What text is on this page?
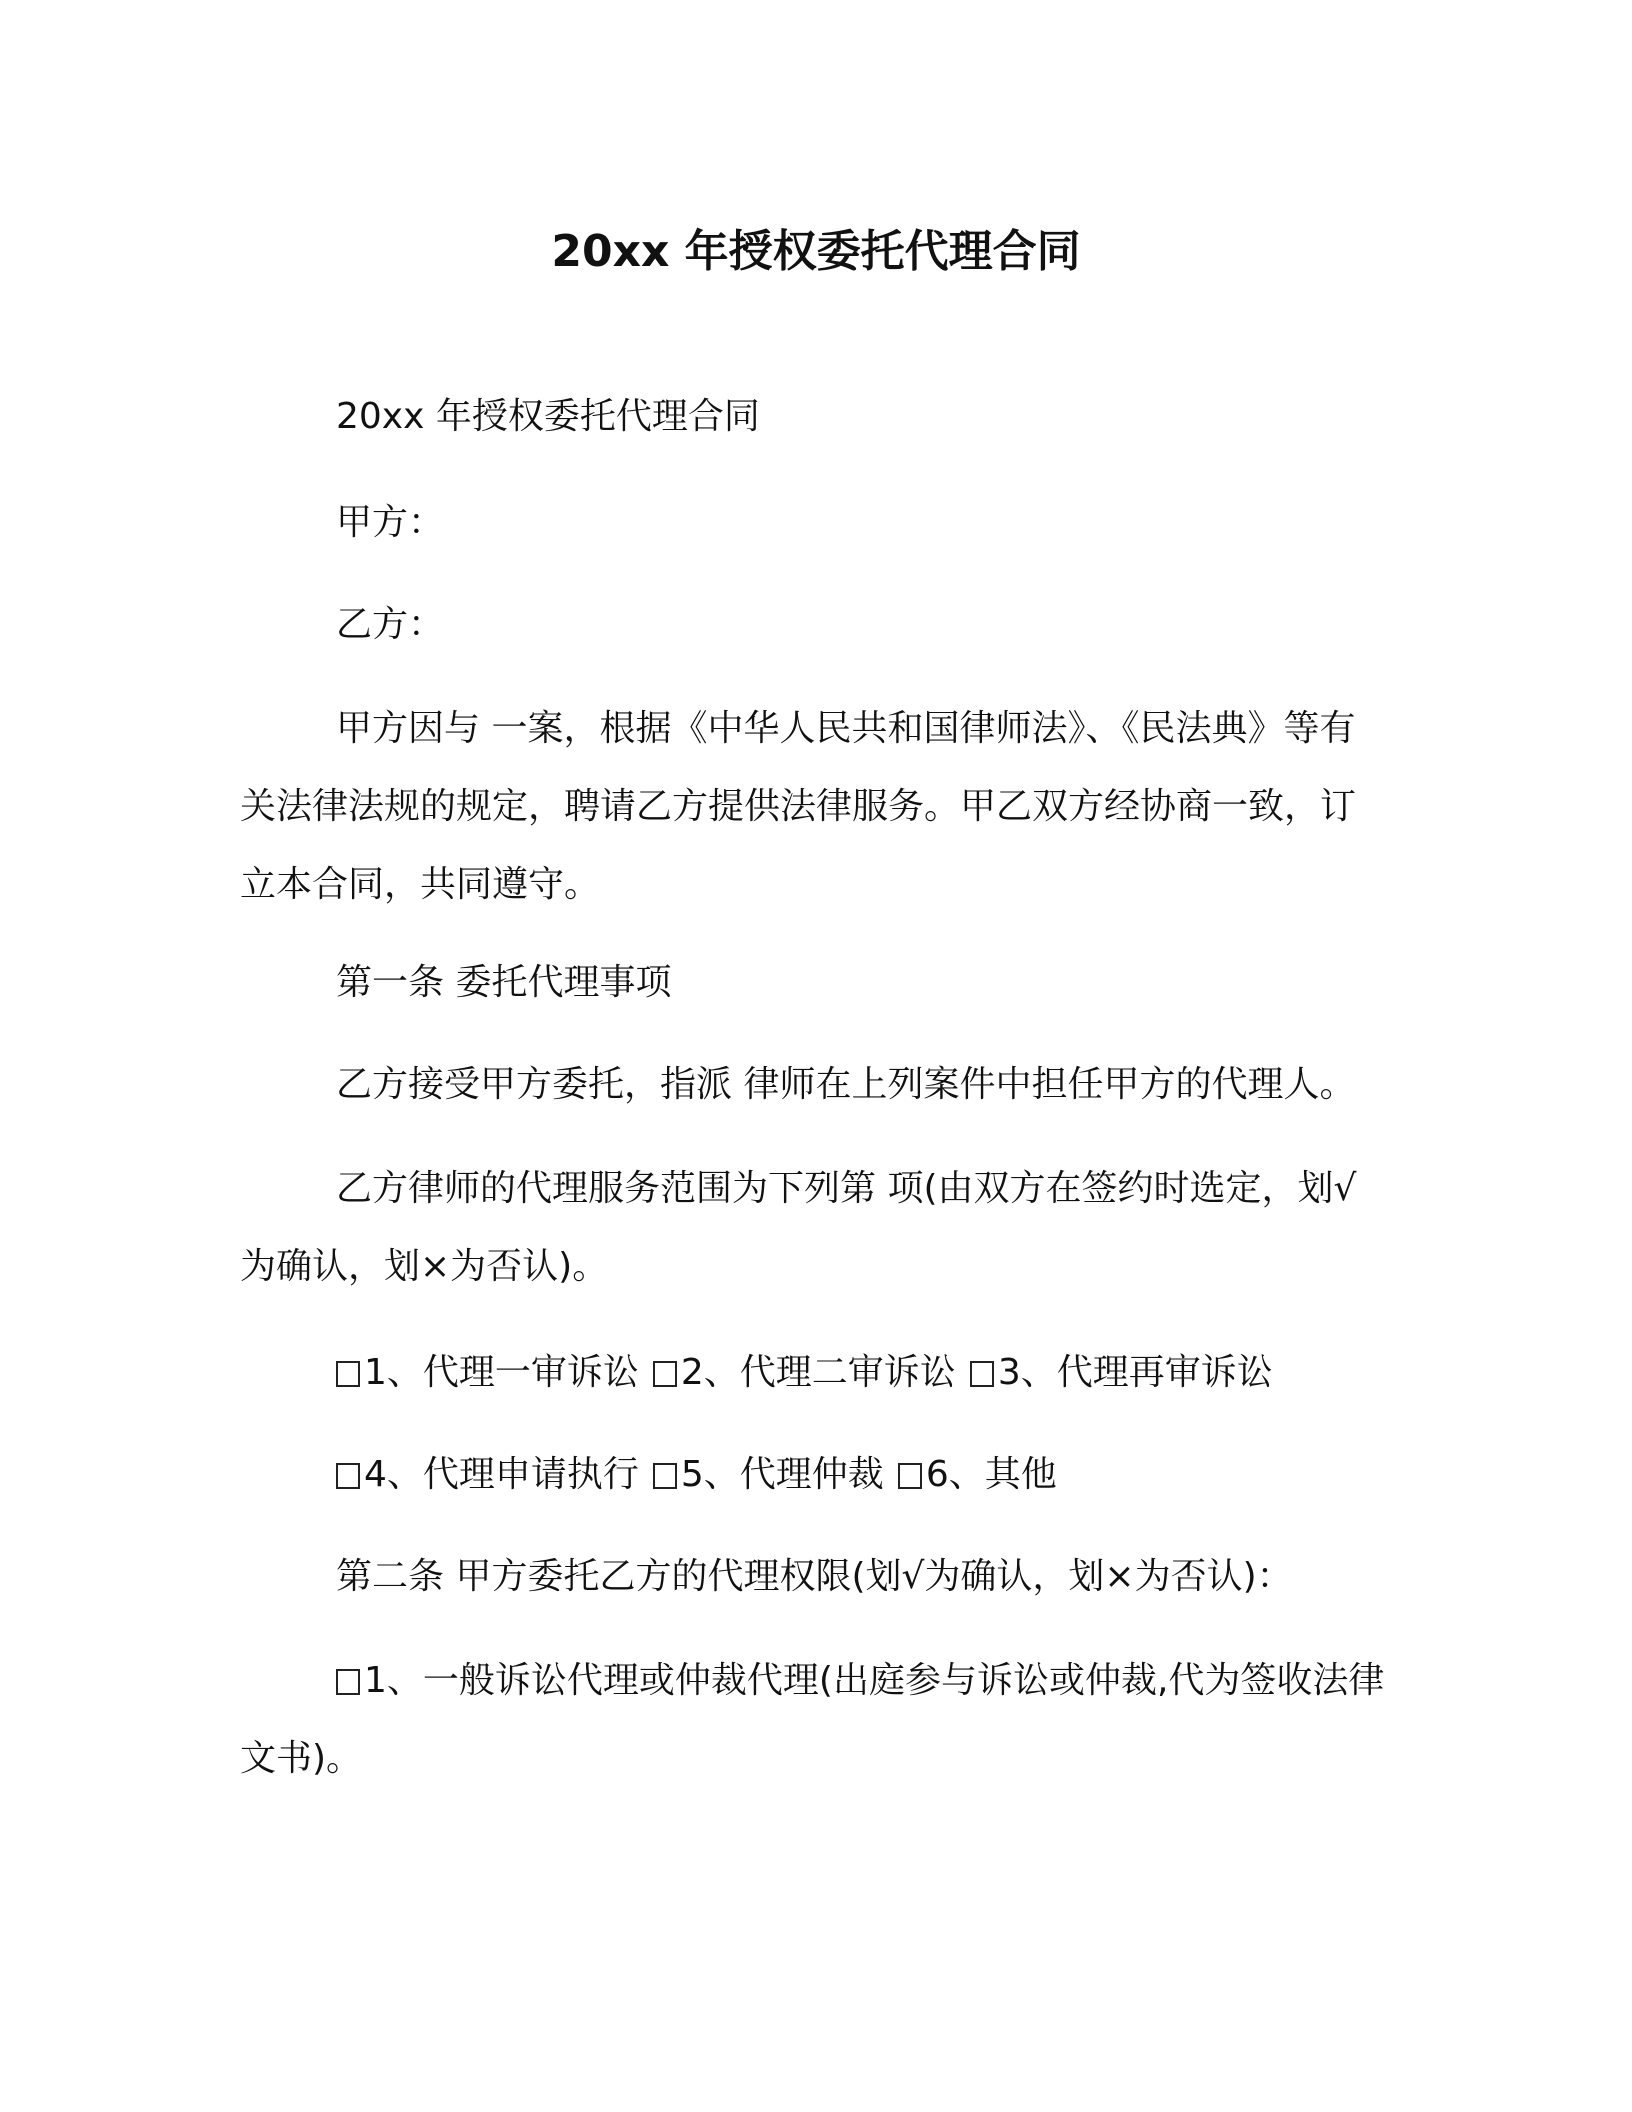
20xx 年授权委托代理合同

20xx 年授权委托代理合同

甲方：

乙方：

甲方因与 一案，根据《中华人民共和国律师法》、《民法典》等有关法律法规的规定，聘请乙方提供法律服务。甲乙双方经协商一致，订立本合同，共同遵守。

第一条 委托代理事项

乙方接受甲方委托，指派 律师在上列案件中担任甲方的代理人。

乙方律师的代理服务范围为下列第 项(由双方在签约时选定，划√为确认，划×为否认)。

1、代理一审诉讼 2、代理二审诉讼 3、代理再审诉讼
4、代理申请执行 5、代理仲裁 6、其他

第二条 甲方委托乙方的代理权限(划√为确认，划×为否认)：

1、一般诉讼代理或仲裁代理(出庭参与诉讼或仲裁,代为签收法律文书)。
